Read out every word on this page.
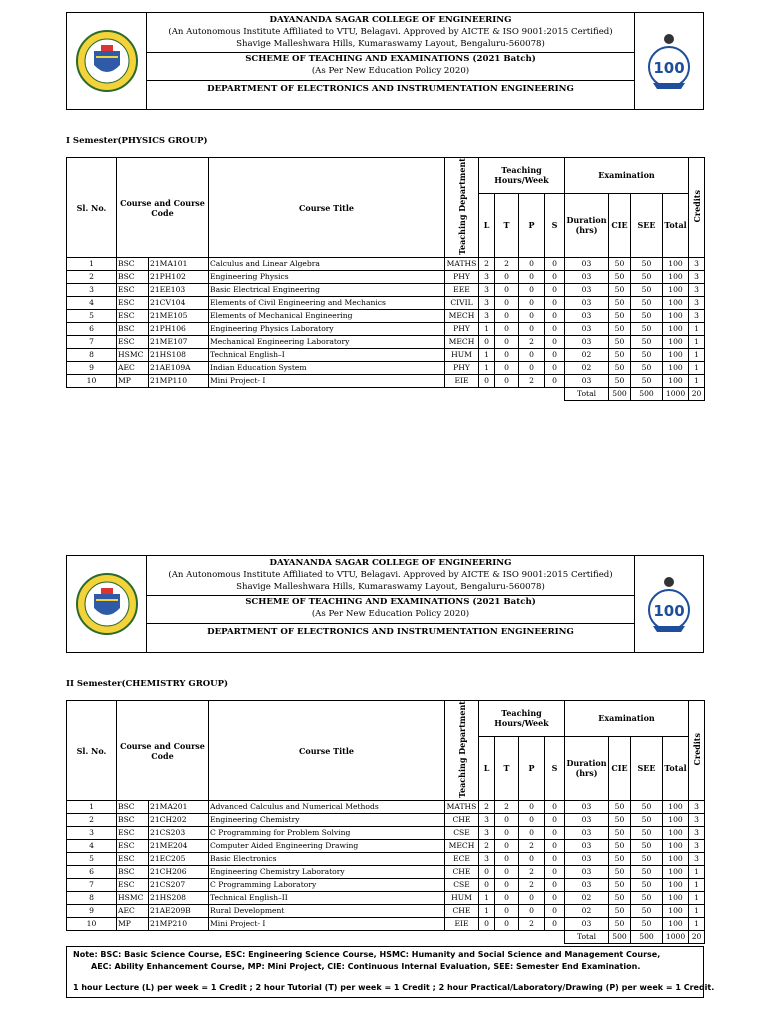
DAYANANDA SAGAR COLLEGE OF ENGINEERING
(An Autonomous Institute Affiliated to VTU, Belagavi. Approved by AICTE & ISO 9001:2015 Certified)
Shavige Malleshwara Hills, Kumaraswamy Layout, Bengaluru-560078)
SCHEME OF TEACHING AND EXAMINATIONS (2021 Batch)
(As Per New Education Policy 2020)
DEPARTMENT OF ELECTRONICS AND INSTRUMENTATION ENGINEERING
100
I Semester(PHYSICS GROUP)
Sl. No.	Course and Course Code		Course Title	Teaching Department	Teaching Hours/Week				Examination				Credits
					L	T	P	S	Duration (hrs)	CIE	SEE	Total	
1	BSC	21MA101	Calculus and Linear Algebra	MATHS	2	2	0	0	03	50	50	100	3
2	BSC	21PH102	Engineering Physics	PHY	3	0	0	0	03	50	50	100	3
3	ESC	21EE103	Basic Electrical Engineering	EEE	3	0	0	0	03	50	50	100	3
4	ESC	21CV104	Elements of Civil Engineering and Mechanics	CIVIL	3	0	0	0	03	50	50	100	3
5	ESC	21ME105	Elements of Mechanical Engineering	MECH	3	0	0	0	03	50	50	100	3
6	BSC	21PH106	Engineering Physics Laboratory	PHY	1	0	0	0	03	50	50	100	1
7	ESC	21ME107	Mechanical Engineering Laboratory	MECH	0	0	2	0	03	50	50	100	1
8	HSMC	21HS108	Technical English–I	HUM	1	0	0	0	02	50	50	100	1
9	AEC	21AE109A	Indian Education System	PHY	1	0	0	0	02	50	50	100	1
10	MP	21MP110	Mini Project- I	EIE	0	0	2	0	03	50	50	100	1
									Total	500	500	1000	20
DAYANANDA SAGAR COLLEGE OF ENGINEERING
(An Autonomous Institute Affiliated to VTU, Belagavi. Approved by AICTE & ISO 9001:2015 Certified)
Shavige Malleshwara Hills, Kumaraswamy Layout, Bengaluru-560078)
SCHEME OF TEACHING AND EXAMINATIONS (2021 Batch)
(As Per New Education Policy 2020)
DEPARTMENT OF ELECTRONICS AND INSTRUMENTATION ENGINEERING
100
II Semester(CHEMISTRY GROUP)
Sl. No.	Course and Course Code		Course Title	Teaching Department	Teaching Hours/Week				Examination				Credits
					L	T	P	S	Duration (hrs)	CIE	SEE	Total	
1	BSC	21MA201	Advanced Calculus and Numerical Methods	MATHS	2	2	0	0	03	50	50	100	3
2	BSC	21CH202	Engineering Chemistry	CHE	3	0	0	0	03	50	50	100	3
3	ESC	21CS203	C Programming for Problem Solving	CSE	3	0	0	0	03	50	50	100	3
4	ESC	21ME204	Computer Aided Engineering Drawing	MECH	2	0	2	0	03	50	50	100	3
5	ESC	21EC205	Basic Electronics	ECE	3	0	0	0	03	50	50	100	3
6	BSC	21CH206	Engineering Chemistry Laboratory	CHE	0	0	2	0	03	50	50	100	1
7	ESC	21CS207	C Programming Laboratory	CSE	0	0	2	0	03	50	50	100	1
8	HSMC	21HS208	Technical English–II	HUM	1	0	0	0	02	50	50	100	1
9	AEC	21AE209B	Rural Development	CHE	1	0	0	0	02	50	50	100	1
10	MP	21MP210	Mini Project- I	EIE	0	0	2	0	03	50	50	100	1
									Total	500	500	1000	20
Note: BSC: Basic Science Course, ESC: Engineering Science Course, HSMC: Humanity and Social Science and Management Course,
AEC: Ability Enhancement Course, MP: Mini Project, CIE: Continuous Internal Evaluation, SEE: Semester End Examination.
1 hour Lecture (L) per week = 1 Credit ; 2 hour Tutorial (T) per week = 1 Credit ; 2 hour Practical/Laboratory/Drawing (P) per week = 1 Credit.
